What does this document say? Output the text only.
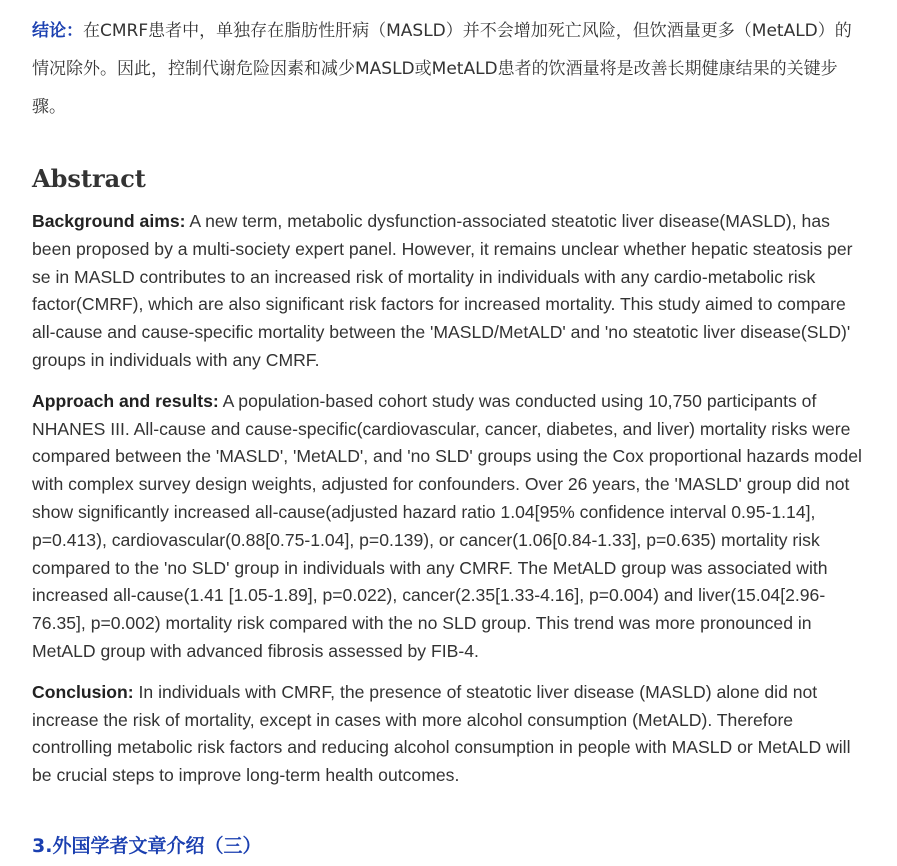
结论：在CMRF患者中，单独存在脂肪性肝病（MASLD）并不会增加死亡风险，但饮酒量更多（MetALD）的情况除外。因此，控制代谢危险因素和减少MASLD或MetALD患者的饮酒量将是改善长期健康结果的关键步骤。

Abstract

Background aims: A new term, metabolic dysfunction-associated steatotic liver disease(MASLD), has been proposed by a multi-society expert panel. However, it remains unclear whether hepatic steatosis per se in MASLD contributes to an increased risk of mortality in individuals with any cardio-metabolic risk factor(CMRF), which are also significant risk factors for increased mortality. This study aimed to compare all-cause and cause-specific mortality between the 'MASLD/MetALD' and 'no steatotic liver disease(SLD)' groups in individuals with any CMRF.

Approach and results: A population-based cohort study was conducted using 10,750 participants of NHANES III. All-cause and cause-specific(cardiovascular, cancer, diabetes, and liver) mortality risks were compared between the 'MASLD', 'MetALD', and 'no SLD' groups using the Cox proportional hazards model with complex survey design weights, adjusted for confounders. Over 26 years, the 'MASLD' group did not show significantly increased all-cause(adjusted hazard ratio 1.04[95% confidence interval 0.95-1.14], p=0.413), cardiovascular(0.88[0.75-1.04], p=0.139), or cancer(1.06[0.84-1.33], p=0.635) mortality risk compared to the 'no SLD' group in individuals with any CMRF. The MetALD group was associated with increased all-cause(1.41 [1.05-1.89], p=0.022), cancer(2.35[1.33-4.16], p=0.004) and liver(15.04[2.96-76.35], p=0.002) mortality risk compared with the no SLD group. This trend was more pronounced in MetALD group with advanced fibrosis assessed by FIB-4.

Conclusion: In individuals with CMRF, the presence of steatotic liver disease (MASLD) alone did not increase the risk of mortality, except in cases with more alcohol consumption (MetALD). Therefore controlling metabolic risk factors and reducing alcohol consumption in people with MASLD or MetALD will be crucial steps to improve long-term health outcomes.

3.外国学者文章介绍（三）
